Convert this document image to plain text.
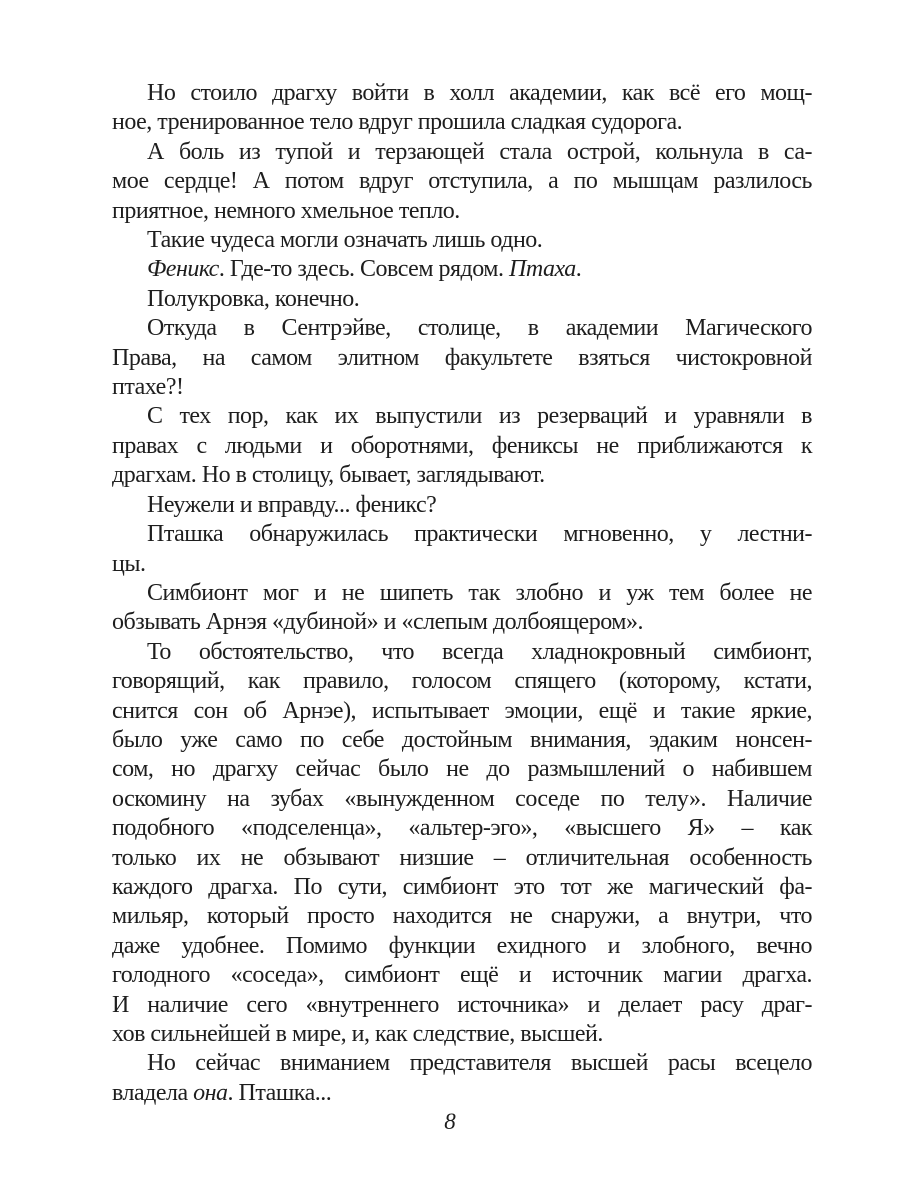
Но стоило драгху войти в холл академии, как всё его мощ-
ное, тренированное тело вдруг прошила сладкая судорога.
А боль из тупой и терзающей стала острой, кольнула в са-
мое сердце! А потом вдруг отступила, а по мышцам разлилось
приятное, немного хмельное тепло.
Такие чудеса могли означать лишь одно.
Феникс. Где-то здесь. Совсем рядом. Птаха.
Полукровка, конечно.
Откуда в Сентрэйве, столице, в академии Магического
Права, на самом элитном факультете взяться чистокровной
птахе?!
С тех пор, как их выпустили из резерваций и уравняли в
правах с людьми и оборотнями, фениксы не приближаются к
драгхам. Но в столицу, бывает, заглядывают.
Неужели и вправду... феникс?
Пташка обнаружилась практически мгновенно, у лестни-
цы.
Симбионт мог и не шипеть так злобно и уж тем более не
обзывать Арнэя «дубиной» и «слепым долбоящером».
То обстоятельство, что всегда хладнокровный симбионт,
говорящий, как правило, голосом спящего (которому, кстати,
снится сон об Арнэе), испытывает эмоции, ещё и такие яркие,
было уже само по себе достойным внимания, эдаким нонсен-
сом, но драгху сейчас было не до размышлений о набившем
оскомину на зубах «вынужденном соседе по телу». Наличие
подобного «подселенца», «альтер-эго», «высшего Я» – как
только их не обзывают низшие – отличительная особенность
каждого драгха. По сути, симбионт это тот же магический фа-
мильяр, который просто находится не снаружи, а внутри, что
даже удобнее. Помимо функции ехидного и злобного, вечно
голодного «соседа», симбионт ещё и источник магии драгха.
И наличие сего «внутреннего источника» и делает расу драг-
хов сильнейшей в мире, и, как следствие, высшей.
Но сейчас вниманием представителя высшей расы всецело
владела она. Пташка...
8
